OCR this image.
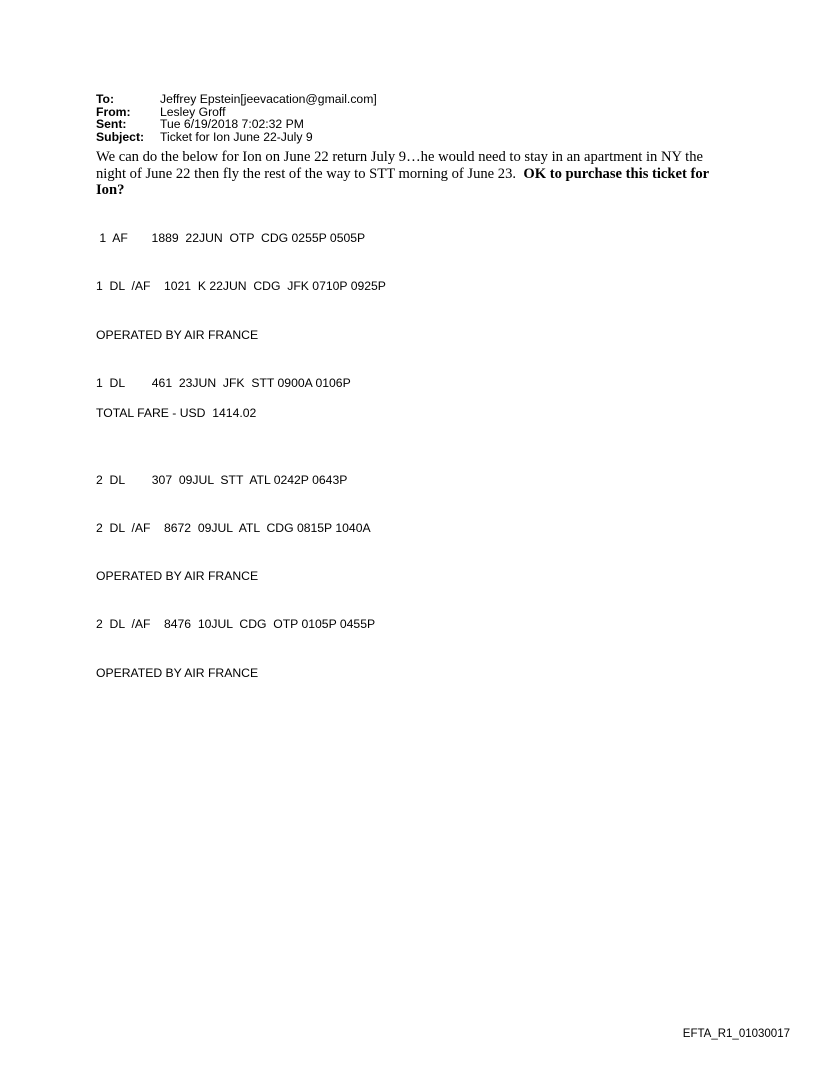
To:	Jeffrey Epstein[jeevacation@gmail.com]
From:	Lesley Groff
Sent:	Tue 6/19/2018 7:02:32 PM
Subject:	Ticket for Ion June 22-July 9
We can do the below for Ion on June 22 return July 9…he would need to stay in an apartment in NY the night of June 22 then fly the rest of the way to STT morning of June 23. OK to purchase this ticket for Ion?

1  AF       1889  22JUN  OTP  CDG 0255P 0505P

1  DL  /AF    1021  K 22JUN  CDG  JFK 0710P 0925P

OPERATED BY AIR FRANCE

1  DL        461  23JUN  JFK  STT 0900A 0106P

2  DL        307  09JUL  STT  ATL 0242P 0643P

2  DL  /AF    8672  09JUL  ATL  CDG 0815P 1040A

OPERATED BY AIR FRANCE

2  DL  /AF    8476  10JUL  CDG  OTP 0105P 0455P

OPERATED BY AIR FRANCE

TOTAL FARE - USD  1414.02
EFTA_R1_01030017
